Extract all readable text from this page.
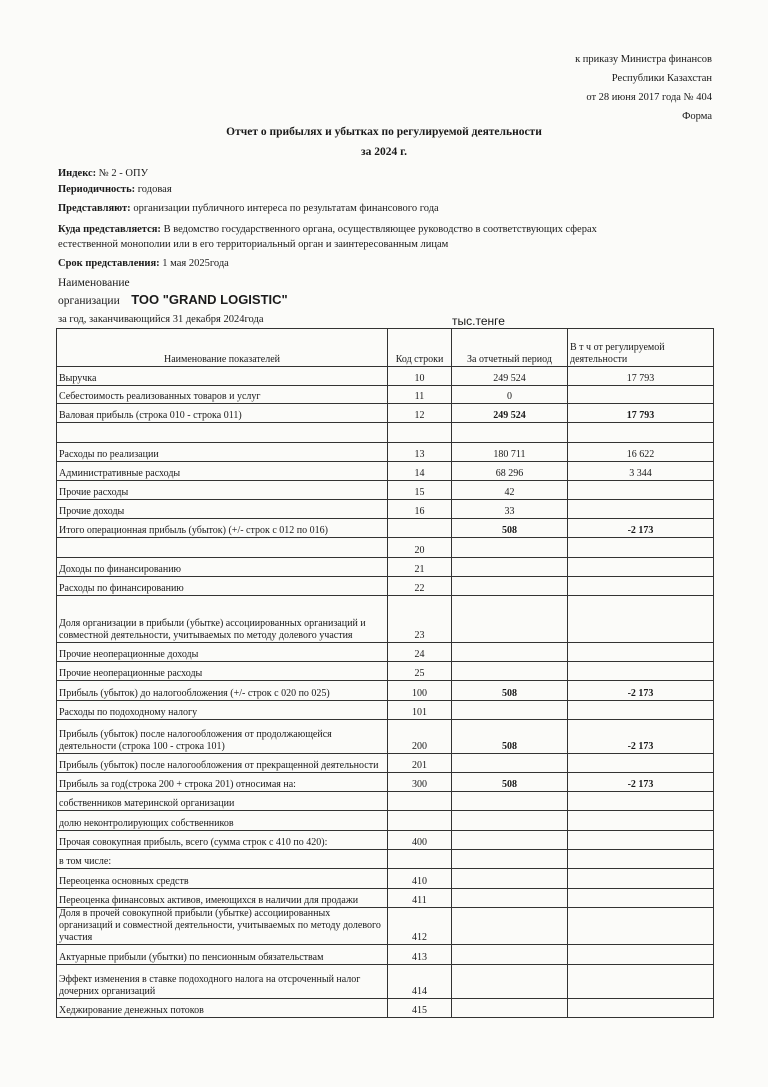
к приказу Министра финансов
Республики Казахстан
от 28 июня 2017 года № 404
Форма
Отчет о прибылях и убытках по регулируемой деятельности
за 2024 г.
Индекс: № 2 - ОПУ
Периодичность: годовая
Представляют: организации публичного интереса по результатам финансового года
Куда представляется: В ведомство государственного органа, осуществляющее руководство в соответствующих сферах
естественной монополии или в его территориальный орган и заинтересованным лицам
Срок представления: 1 мая 2025года
Наименование
организации ТОО "GRAND LOGISTIC"
за год, заканчивающийся 31 декабря 2024года	тыс.тенге
Наименование показателей	Код строки	За отчетный период	В т ч от регулируемой деятельности
Выручка	10	249 524	17 793
Себестоимость реализованных товаров и услуг	11	0	
Валовая прибыль (строка 010 - строка 011)	12	249 524	17 793

Расходы по реализации	13	180 711	16 622
Административные расходы	14	68 296	3 344
Прочие расходы	15	42	
Прочие доходы	16	33	
Итого операционная прибыль (убыток) (+/- строк с 012 по 016)		508	-2 173
	20		
Доходы по финансированию	21		
Расходы по финансированию	22		
Доля организации в прибыли (убытке) ассоциированных организаций и совместной деятельности, учитываемых по методу долевого участия	23		
Прочие неоперационные доходы	24		
Прочие неоперационные расходы	25		
Прибыль (убыток) до налогообложения (+/- строк с 020 по 025)	100	508	-2 173
Расходы по подоходному налогу	101		
Прибыль (убыток) после налогообложения от продолжающейся деятельности (строка 100 - строка 101)	200	508	-2 173
Прибыль (убыток) после налогообложения от прекращенной деятельности	201		
Прибыль за год(строка 200 + строка 201) относимая на:	300	508	-2 173
собственников материнской организации			
долю неконтролирующих собственников			
Прочая совокупная прибыль, всего (сумма строк с 410 по 420):	400		
в том числе:			
Переоценка основных средств	410		
Переоценка финансовых активов, имеющихся в наличии для продажи	411		
Доля в прочей совокупной прибыли (убытке) ассоциированных организаций и совместной деятельности, учитываемых по методу долевого участия	412		
Актуарные прибыли (убытки) по пенсионным обязательствам	413		
Эффект изменения в ставке подоходного налога на отсроченный налог дочерних организаций	414		
Хеджирование денежных потоков	415		
